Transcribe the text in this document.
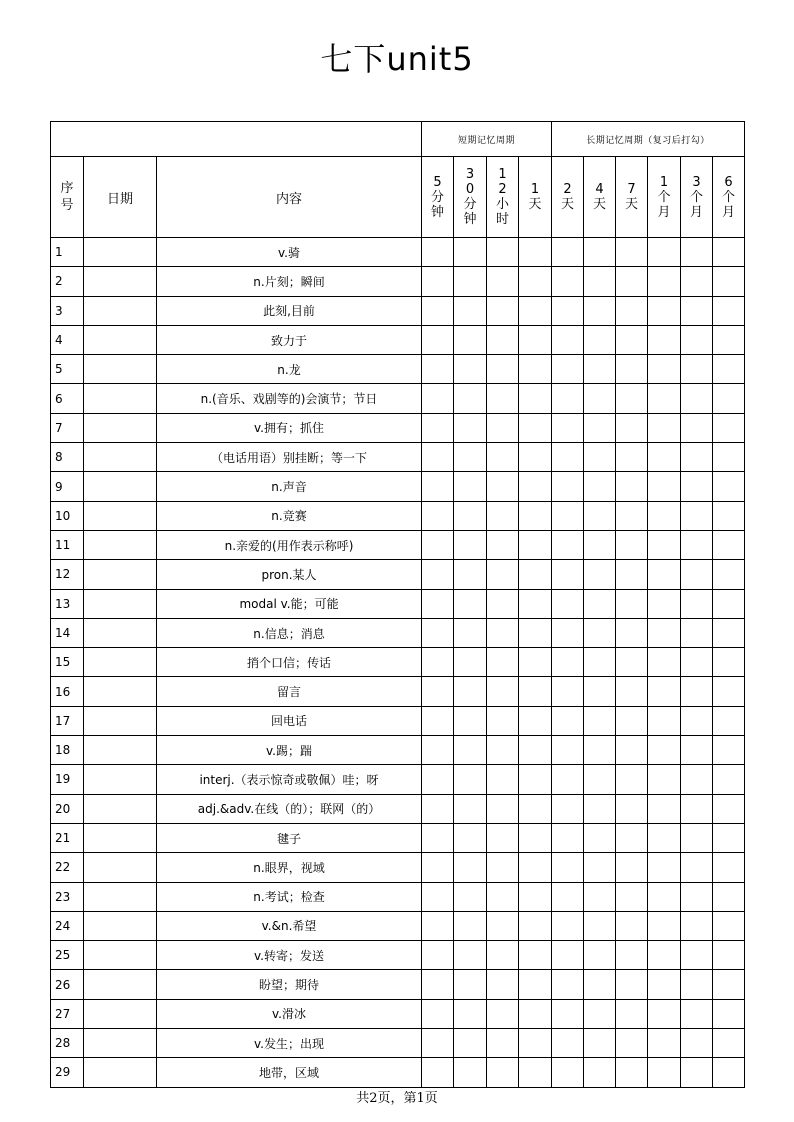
七下unit5
			短期记忆周期				长期记忆周期（复习后打勾）					

序号	日期	内容	5分钟	30分钟	12小时	1天	2天	4天	7天	1个月	3个月	6个月

1		v.骑										
2		n.片刻；瞬间										
3		此刻,目前										
4		致力于										
5		n.龙										
6		n.(音乐、戏剧等的)会演节；节日										
7		v.拥有；抓住										
8		（电话用语）别挂断；等一下										
9		n.声音										
10		n.竞赛										
11		n.亲爱的(用作表示称呼)										
12		pron.某人										
13		modal v.能；可能										
14		n.信息；消息										
15		捎个口信；传话										
16		留言										
17		回电话										
18		v.踢；踹										
19		interj.（表示惊奇或敬佩）哇；呀										
20		adj.&adv.在线（的）；联网（的）										
21		毽子										
22		n.眼界，视域										
23		n.考试；检查										
24		v.&n.希望										
25		v.转寄；发送										
26		盼望；期待										
27		v.滑冰										
28		v.发生；出现										
29		地带，区域										
共2页，第1页
